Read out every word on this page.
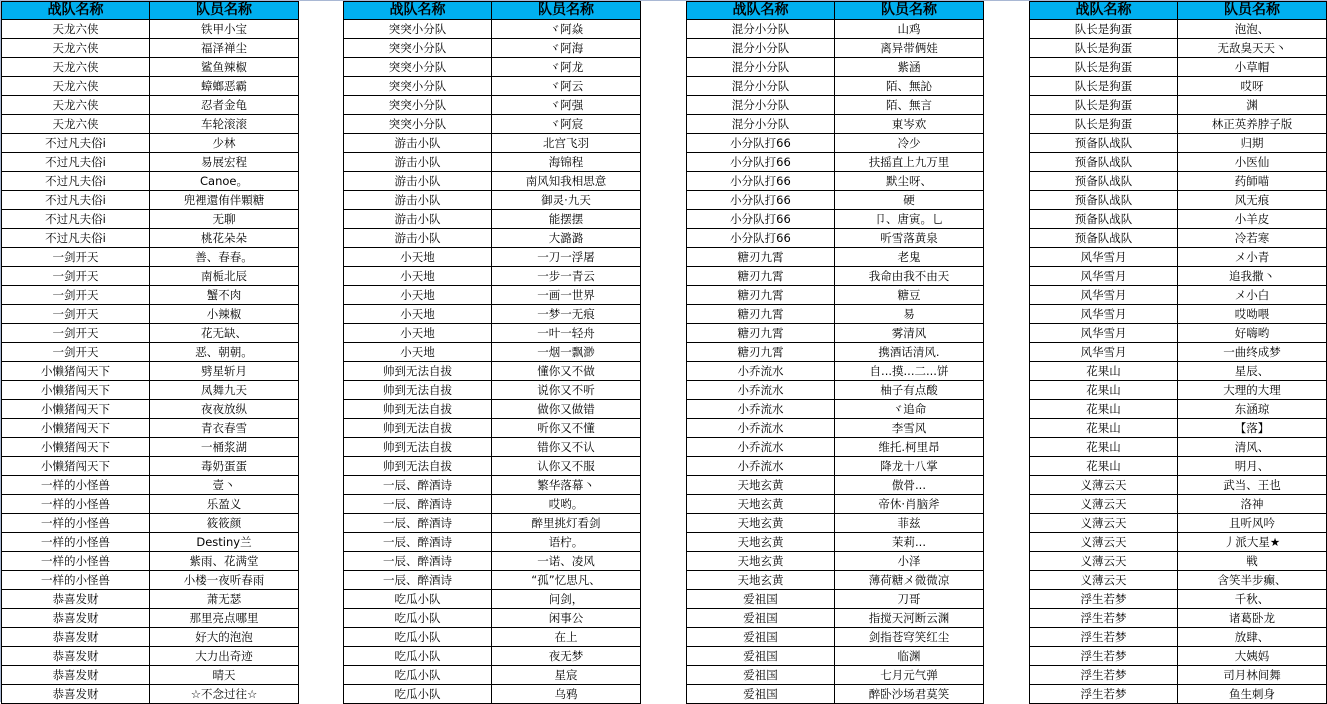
战队名称	队员名称
天龙六侠	铁甲小宝
天龙六侠	福泽禅尘
天龙六侠	鲨鱼辣椒
天龙六侠	蟑螂恶霸
天龙六侠	忍者金龟
天龙六侠	车轮滚滚
不过凡夫俗i	少林
不过凡夫俗i	易展宏程
不过凡夫俗i	Canoe。
不过凡夫俗i	兜裡還侑伴顆糖
不过凡夫俗i	无聊
不过凡夫俗i	桃花朵朵
一剑开天	善、春春。
一剑开天	南栀北辰
一剑开天	蟹不肉
一剑开天	小辣椒
一剑开天	花无缺、
一剑开天	恶、朝朝。
小懒猪闯天下	劈星斩月
小懒猪闯天下	凤舞九天
小懒猪闯天下	夜夜放纵
小懒猪闯天下	青衣春雪
小懒猪闯天下	一桶浆湖
小懒猪闯天下	毒奶蛋蛋
一样的小怪兽	壹丶
一样的小怪兽	乐盈义
一样的小怪兽	筱筱颜
一样的小怪兽	Destiny兰
一样的小怪兽	紫雨、花满堂
一样的小怪兽	小楼一夜听春雨
恭喜发财	萧无瑟
恭喜发财	那里亮点哪里
恭喜发财	好大的泡泡
恭喜发财	大力出奇迹
恭喜发财	晴天
恭喜发财	☆不念过往☆
战队名称	队员名称
突突小分队	ヾ阿焱
突突小分队	ヾ阿海
突突小分队	ヾ阿龙
突突小分队	ヾ阿云
突突小分队	ヾ阿强
突突小分队	ヾ阿宸
游击小队	北宫飞羽
游击小队	海锦程
游击小队	南风知我相思意
游击小队	御灵·九天
游击小队	能摆摆
游击小队	大潞潞
小天地	一刀一浮屠
小天地	一步一青云
小天地	一画一世界
小天地	一梦一无痕
小天地	一叶一轻舟
小天地	一烟一飘渺
帅到无法自拔	懂你又不做
帅到无法自拔	说你又不听
帅到无法自拔	做你又做错
帅到无法自拔	听你又不懂
帅到无法自拔	错你又不认
帅到无法自拔	认你又不服
一辰、醉酒诗	繁华落幕丶
一辰、醉酒诗	哎哟。
一辰、醉酒诗	醉里挑灯看剑
一辰、醉酒诗	语柠。
一辰、醉酒诗	一诺、凌风
一辰、醉酒诗	“孤”忆思凡、
吃瓜小队	问剑，
吃瓜小队	闲事公
吃瓜小队	在上
吃瓜小队	夜无梦
吃瓜小队	星宸
吃瓜小队	乌鸦
战队名称	队员名称
混分小分队	山鸡
混分小分队	离异带俩娃
混分小分队	紫涵
混分小分队	陌、無訫
混分小分队	陌、無言
混分小分队	東岑欢
小分队打66	冷少
小分队打66	扶摇直上九万里
小分队打66	默尘呀、
小分队打66	硬
小分队打66	卩、唐寅。乚
小分队打66	听雪落黄泉
糖刃九霄	老鬼
糖刃九霄	我命由我不由天
糖刃九霄	糖豆
糖刃九霄	易
糖刃九霄	雾清风
糖刃九霄	携酒话清风.
小乔流水	自...摸...二...饼
小乔流水	柚子有点酸
小乔流水	ヾ追命
小乔流水	李雪风
小乔流水	维托.柯里昂
小乔流水	降龙十八掌
天地玄黄	傲骨...
天地玄黄	帝休·肖脑斧
天地玄黄	菲兹
天地玄黄	茉莉...
天地玄黄	小泽
天地玄黄	薄荷糖メ微微凉
爱祖国	刀哥
爱祖国	指搅天河断云渊
爱祖国	剑指苍穹笑红尘
爱祖国	临渊
爱祖国	七月元气弹
爱祖国	醉卧沙场君莫笑
战队名称	队员名称
队长是狗蛋	泡泡、
队长是狗蛋	无敌臭天天丶
队长是狗蛋	小草帽
队长是狗蛋	哎呀
队长是狗蛋	渊
队长是狗蛋	林正英养脖子版
预备队战队	归期
预备队战队	小医仙
预备队战队	药師喵
预备队战队	风无痕
预备队战队	小羊皮
预备队战队	冷若寒
风华雪月	メ小青
风华雪月	追我撒丶
风华雪月	メ小白
风华雪月	哎呦喂
风华雪月	好嗨哟
风华雪月	一曲终成梦
花果山	星辰、
花果山	大理的大理
花果山	东涵琼
花果山	【落】
花果山	清风、
花果山	明月、
义薄云天	武当、王也
义薄云天	洛神
义薄云天	且听风吟
义薄云天	丿派大星★
义薄云天	戦
义薄云天	含笑半步癫、
浮生若梦	千秋、
浮生若梦	诸葛卧龙
浮生若梦	放肆、
浮生若梦	大姨妈
浮生若梦	司月林间舞
浮生若梦	鱼生刺身
